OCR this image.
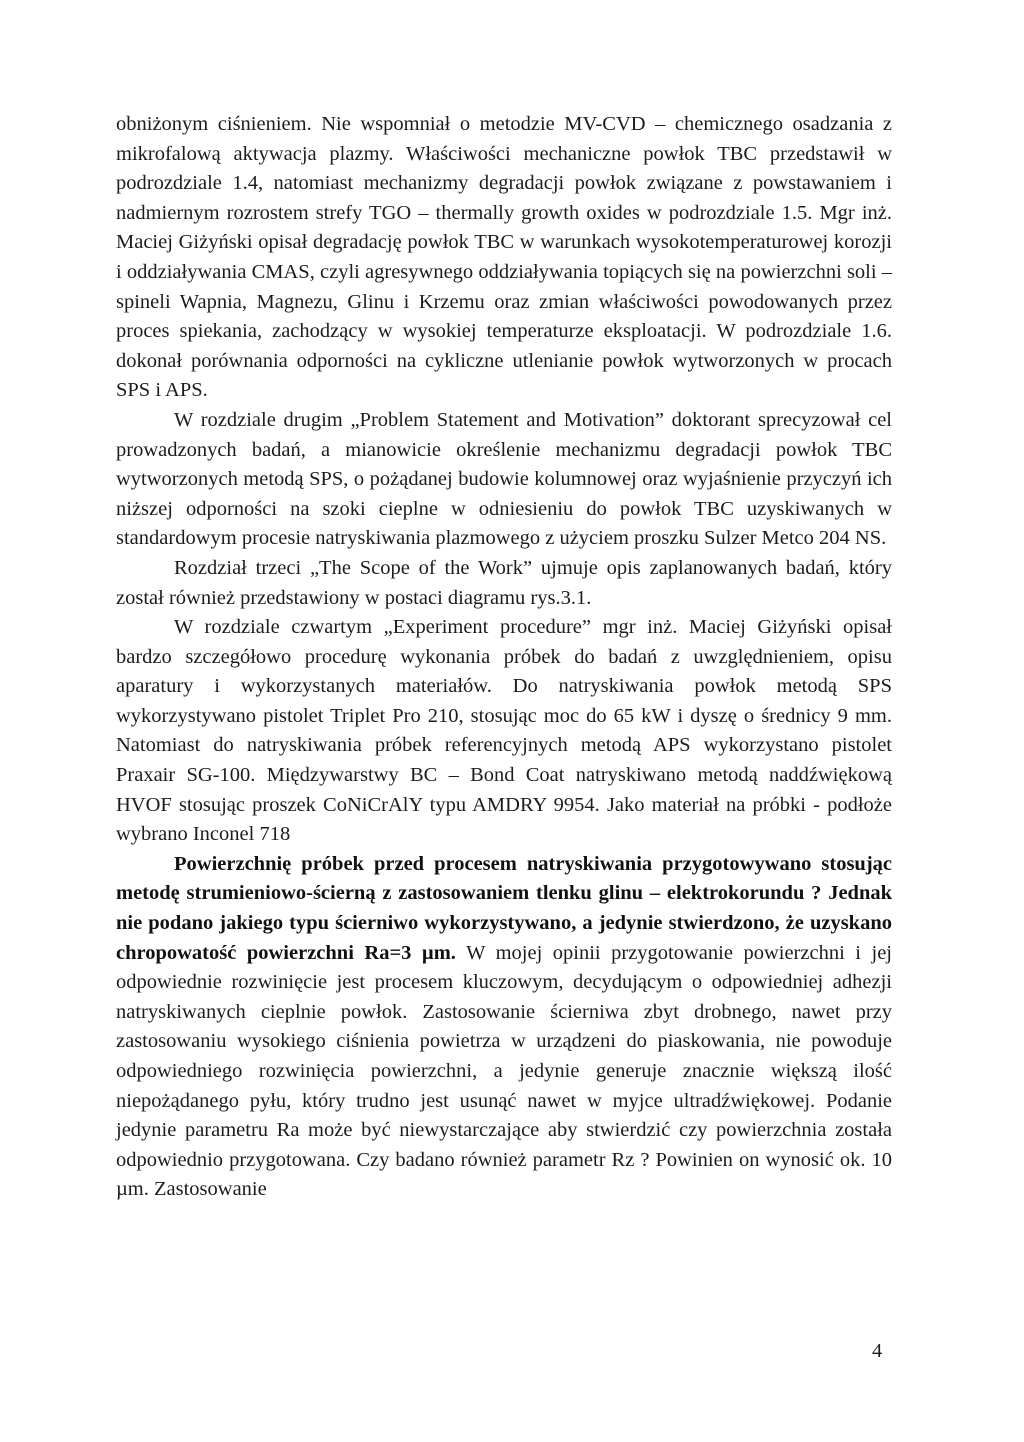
obniżonym ciśnieniem. Nie wspomniał o metodzie MV-CVD – chemicznego osadzania z mikrofalową aktywacja plazmy. Właściwości mechaniczne powłok TBC przedstawił w podrozdziale 1.4, natomiast mechanizmy degradacji powłok związane z powstawaniem i nadmiernym rozrostem strefy TGO – thermally growth oxides w podrozdziale 1.5. Mgr inż. Maciej Giżyński opisał degradację powłok TBC w warunkach wysokotemperaturowej korozji i oddziaływania CMAS, czyli agresywnego oddziaływania topiących się na powierzchni soli – spineli Wapnia, Magnezu, Glinu i Krzemu oraz zmian właściwości powodowanych przez proces spiekania, zachodzący w wysokiej temperaturze eksploatacji. W podrozdziale 1.6. dokonał porównania odporności na cykliczne utlenianie powłok wytworzonych w procach SPS i APS.

W rozdziale drugim „Problem Statement and Motivation” doktorant sprecyzował cel prowadzonych badań, a mianowicie określenie mechanizmu degradacji powłok TBC wytworzonych metodą SPS, o pożądanej budowie kolumnowej oraz wyjaśnienie przyczyń ich niższej odporności na szoki cieplne w odniesieniu do powłok TBC uzyskiwanych w standardowym procesie natryskiwania plazmowego z użyciem proszku Sulzer Metco 204 NS.

Rozdział trzeci „The Scope of the Work” ujmuje opis zaplanowanych badań, który został również przedstawiony w postaci diagramu rys.3.1.

W rozdziale czwartym „Experiment procedure” mgr inż. Maciej Giżyński opisał bardzo szczegółowo procedurę wykonania próbek do badań z uwzględnieniem, opisu aparatury i wykorzystanych materiałów. Do natryskiwania powłok metodą SPS wykorzystywano pistolet Triplet Pro 210, stosując moc do 65 kW i dyszę o średnicy 9 mm. Natomiast do natryskiwania próbek referencyjnych metodą APS wykorzystano pistolet Praxair SG-100. Międzywarstwy BC – Bond Coat natryskiwano metodą naddźwiękową HVOF stosując proszek CoNiCrAlY typu AMDRY 9954. Jako materiał na próbki - podłoże wybrano Inconel 718

Powierzchnię próbek przed procesem natryskiwania przygotowywano stosując metodę strumieniowo-ścierną z zastosowaniem tlenku glinu – elektrokorundu ? Jednak nie podano jakiego typu ścierniwo wykorzystywano, a jedynie stwierdzono, że uzyskano chropowatość powierzchni Ra=3 µm. W mojej opinii przygotowanie powierzchni i jej odpowiednie rozwinięcie jest procesem kluczowym, decydującym o odpowiedniej adhezji natryskiwanych cieplnie powłok. Zastosowanie ścierniwa zbyt drobnego, nawet przy zastosowaniu wysokiego ciśnienia powietrza w urządzeni do piaskowania, nie powoduje odpowiedniego rozwinięcia powierzchni, a jedynie generuje znacznie większą ilość niepożądanego pyłu, który trudno jest usunąć nawet w myjce ultradźwiękowej. Podanie jedynie parametru Ra może być niewystarczające aby stwierdzić czy powierzchnia została odpowiednio przygotowana. Czy badano również parametr Rz ? Powinien on wynosić ok. 10 µm. Zastosowanie

4
